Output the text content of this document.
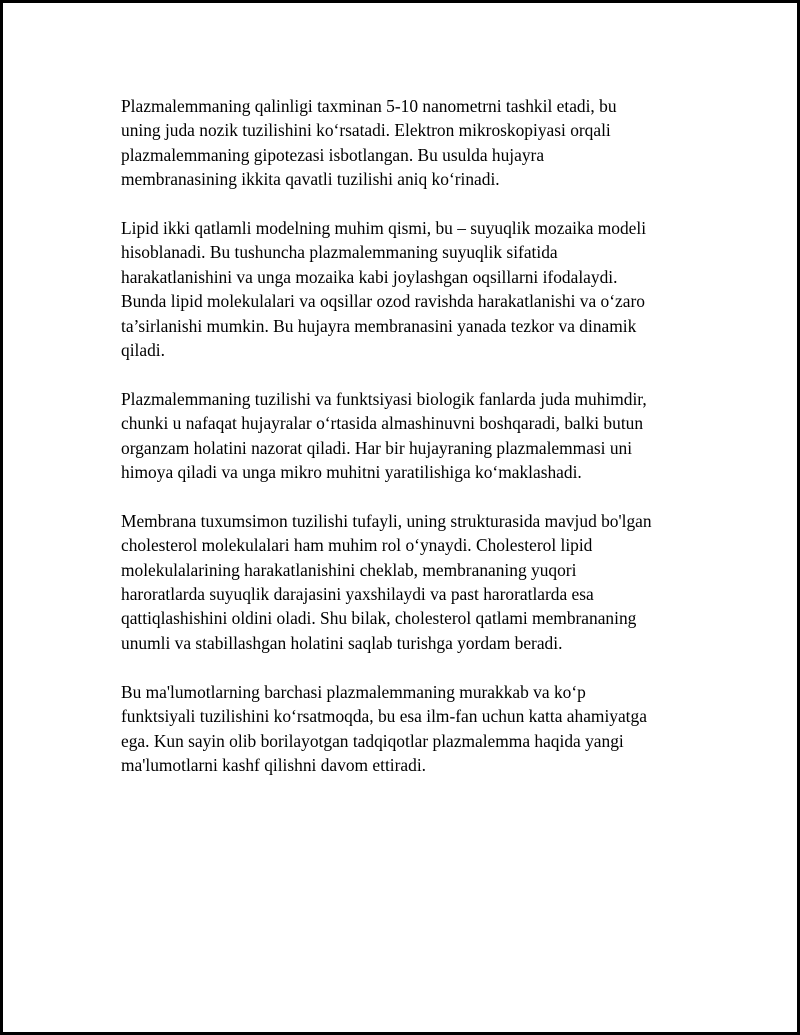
Plazmalemmaning qalinligi taxminan 5-10 nanometrni tashkil etadi, bu
uning juda nozik tuzilishini ko‘rsatadi. Elektron mikroskopiyasi orqali
plazmalemmaning gipotezasi isbotlangan. Bu usulda hujayra
membranasining ikkita qavatli tuzilishi aniq ko‘rinadi.

Lipid ikki qatlamli modelning muhim qismi, bu – suyuqlik mozaika modeli
hisoblanadi. Bu tushuncha plazmalemmaning suyuqlik sifatida
harakatlanishini va unga mozaika kabi joylashgan oqsillarni ifodalaydi.
Bunda lipid molekulalari va oqsillar ozod ravishda harakatlanishi va o‘zaro
ta’sirlanishi mumkin. Bu hujayra membranasini yanada tezkor va dinamik
qiladi.

Plazmalemmaning tuzilishi va funktsiyasi biologik fanlarda juda muhimdir,
chunki u nafaqat hujayralar o‘rtasida almashinuvni boshqaradi, balki butun
organzam holatini nazorat qiladi. Har bir hujayraning plazmalemmasi uni
himoya qiladi va unga mikro muhitni yaratilishiga ko‘maklashadi.

Membrana tuxumsimon tuzilishi tufayli, uning strukturasida mavjud bo'lgan
cholesterol molekulalari ham muhim rol o‘ynaydi. Cholesterol lipid
molekulalarining harakatlanishini cheklab, membrananing yuqori
haroratlarda suyuqlik darajasini yaxshilaydi va past haroratlarda esa
qattiqlashishini oldini oladi. Shu bilak, cholesterol qatlami membrananing
unumli va stabillashgan holatini saqlab turishga yordam beradi.

Bu ma'lumotlarning barchasi plazmalemmaning murakkab va ko‘p
funktsiyali tuzilishini ko‘rsatmoqda, bu esa ilm-fan uchun katta ahamiyatga
ega. Kun sayin olib borilayotgan tadqiqotlar plazmalemma haqida yangi
ma'lumotlarni kashf qilishni davom ettiradi.
